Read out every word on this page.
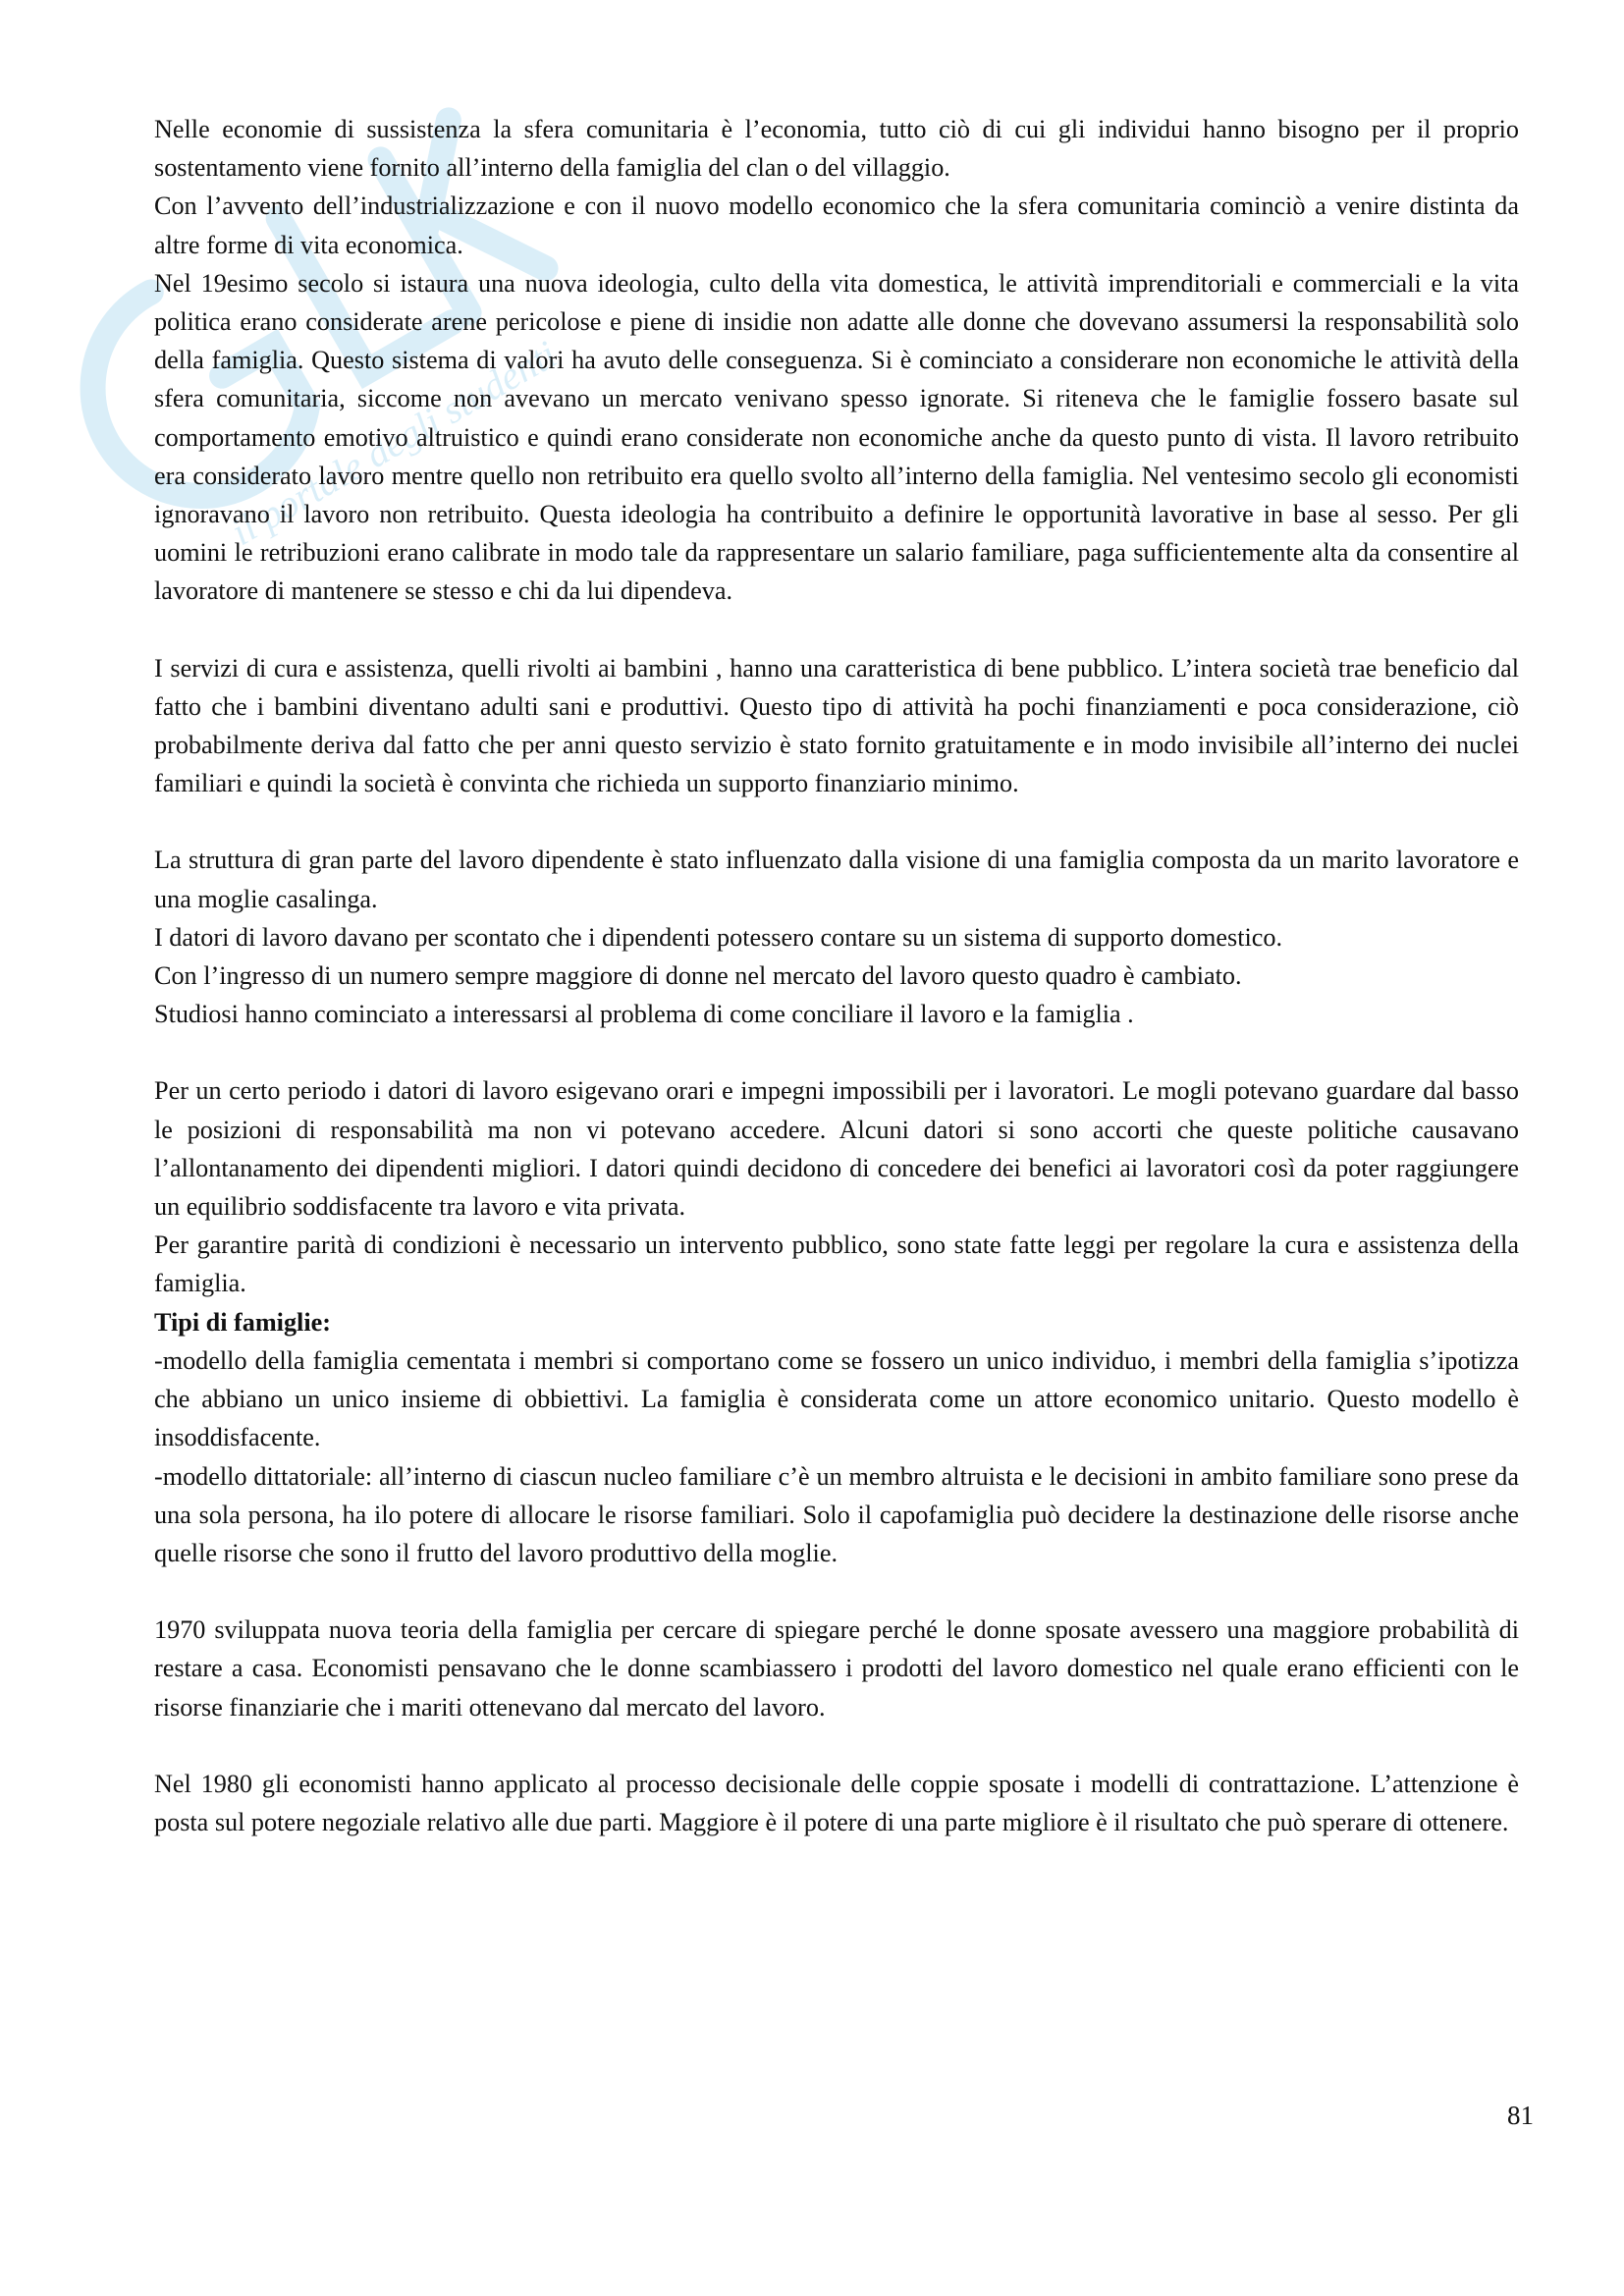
il portale degli studenti

Nelle economie di sussistenza la sfera comunitaria è l’economia, tutto ciò di cui gli individui hanno bisogno per il proprio sostentamento viene fornito all’interno della famiglia del clan o del villaggio.

Con l’avvento dell’industrializzazione e con il nuovo modello economico che la sfera comunitaria cominciò a venire distinta da altre forme di vita economica.

Nel 19esimo secolo si istaura una nuova ideologia, culto della vita domestica, le attività imprenditoriali e commerciali e la vita politica erano considerate arene pericolose e piene di insidie non adatte alle donne che dovevano assumersi la responsabilità solo della famiglia. Questo sistema di valori ha avuto delle conseguenza. Si è cominciato a considerare non economiche le attività della sfera comunitaria, siccome non avevano un mercato venivano spesso ignorate. Si riteneva che le famiglie fossero basate sul comportamento emotivo altruistico e quindi erano considerate non economiche anche da questo punto di vista. Il lavoro retribuito era considerato lavoro mentre quello non retribuito era quello svolto all’interno della famiglia. Nel ventesimo secolo gli economisti ignoravano il lavoro non retribuito. Questa ideologia ha contribuito a definire le opportunità lavorative in base al sesso. Per gli uomini le retribuzioni erano calibrate in modo tale da rappresentare un salario familiare, paga sufficientemente alta da consentire al lavoratore di mantenere se stesso e chi da lui dipendeva.

I servizi di cura e assistenza, quelli rivolti ai bambini , hanno una caratteristica di bene pubblico. L’intera società trae beneficio dal fatto che i bambini diventano adulti sani e produttivi. Questo tipo di attività ha pochi finanziamenti e poca considerazione, ciò probabilmente deriva dal fatto che per anni questo servizio è stato fornito gratuitamente e in modo invisibile all’interno dei nuclei familiari e quindi la società è convinta che richieda un supporto finanziario minimo.

La struttura di gran parte del lavoro dipendente è stato influenzato dalla visione di una famiglia composta da un marito lavoratore e una moglie casalinga.

I datori di lavoro davano per scontato che i dipendenti potessero contare su un sistema di supporto domestico.

Con l’ingresso di un numero sempre maggiore di donne nel mercato del lavoro questo quadro è cambiato.

Studiosi hanno cominciato a interessarsi al problema di come conciliare il lavoro e la famiglia .

Per un certo periodo i datori di lavoro esigevano orari e impegni impossibili per i lavoratori. Le mogli potevano guardare dal basso le posizioni di responsabilità ma non vi potevano accedere. Alcuni datori si sono accorti che queste politiche causavano l’allontanamento dei dipendenti migliori. I datori quindi decidono di concedere dei benefici ai lavoratori così da poter raggiungere un equilibrio soddisfacente tra lavoro e vita privata.

Per garantire parità di condizioni è necessario un intervento pubblico, sono state fatte leggi per regolare la cura e assistenza della famiglia.

Tipi di famiglie:

-modello della famiglia cementata i membri si comportano come se fossero un unico individuo, i membri della famiglia s’ipotizza che abbiano un unico insieme di obbiettivi. La famiglia è considerata come un attore economico unitario. Questo modello è insoddisfacente.

-modello dittatoriale: all’interno di ciascun nucleo familiare c’è un membro altruista e le decisioni in ambito familiare sono prese da una sola persona, ha ilo potere di allocare le risorse familiari. Solo il capofamiglia può decidere la destinazione delle risorse anche quelle risorse che sono il frutto del lavoro produttivo della moglie.

1970 sviluppata nuova teoria della famiglia per cercare di spiegare perché le donne sposate avessero una maggiore probabilità di restare a casa. Economisti pensavano che le donne scambiassero i prodotti del lavoro domestico nel quale erano efficienti con le risorse finanziarie che i mariti ottenevano dal mercato del lavoro.

Nel 1980 gli economisti hanno applicato al processo decisionale delle coppie sposate i modelli di contrattazione. L’attenzione è posta sul potere negoziale relativo alle due parti. Maggiore è il potere di una parte migliore è il risultato che può sperare di ottenere.

81
